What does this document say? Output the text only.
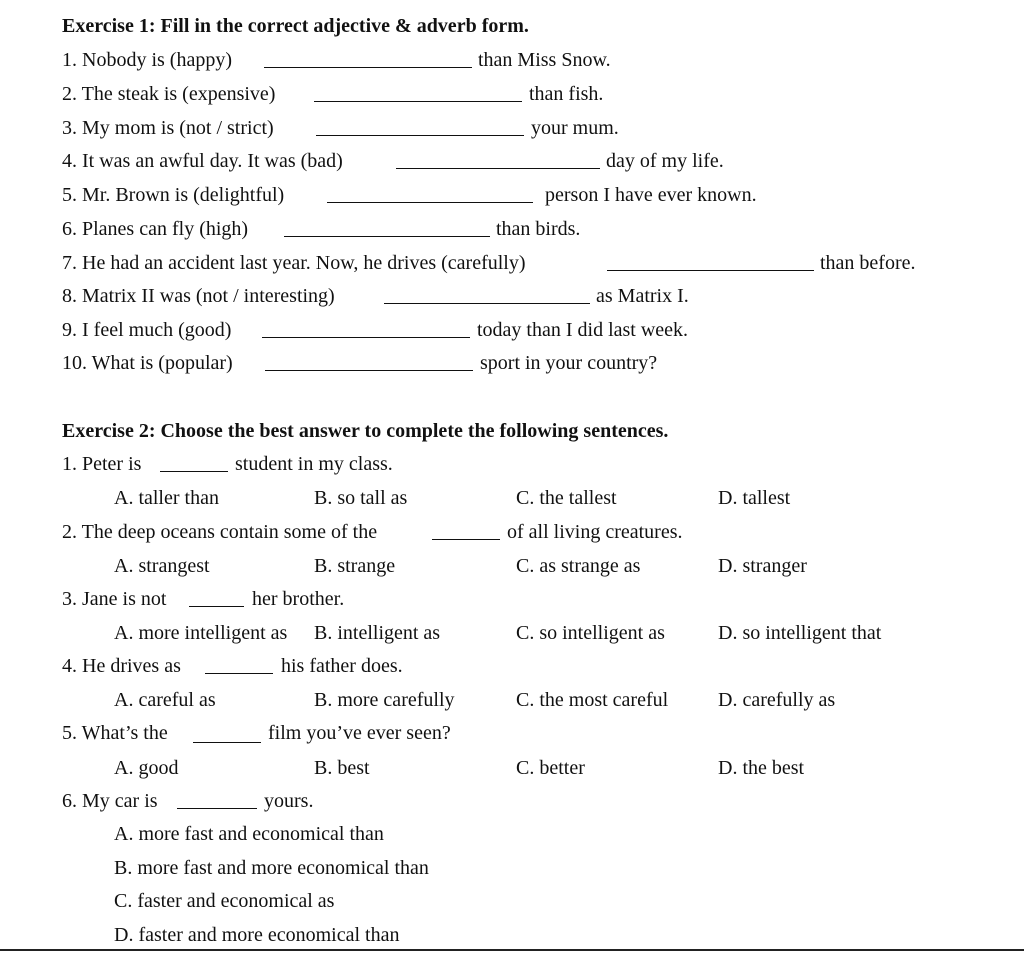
Exercise 1: Fill in the correct adjective & adverb form.
1. Nobody is (happy)	than Miss Snow.
2. The steak is (expensive)	than fish.
3. My mom is (not / strict)	your mum.
4. It was an awful day. It was (bad)	day of my life.
5. Mr. Brown is (delightful)	person I have ever known.
6. Planes can fly (high)	than birds.
7. He had an accident last year. Now, he drives (carefully)	than before.
8. Matrix II was (not / interesting)	as Matrix I.
9. I feel much (good)	today than I did last week.
10. What is (popular)	sport in your country?
Exercise 2: Choose the best answer to complete the following sentences.
1. Peter is	student in my class.
A. taller than	B. so tall as	C. the tallest	D. tallest
2. The deep oceans contain some of the	of all living creatures.
A. strangest	B. strange	C. as strange as	D. stranger
3. Jane is not	her brother.
A. more intelligent as B. intelligent as	C. so intelligent as	D. so intelligent that
4. He drives as	his father does.
A. careful as	B. more carefully	C. the most careful D. carefully as
5. What’s the	film you’ve ever seen?
A. good	B. best	C. better	D. the best
6. My car is	yours.
A. more fast and economical than
B. more fast and more economical than
C. faster and economical as
D. faster and more economical than
